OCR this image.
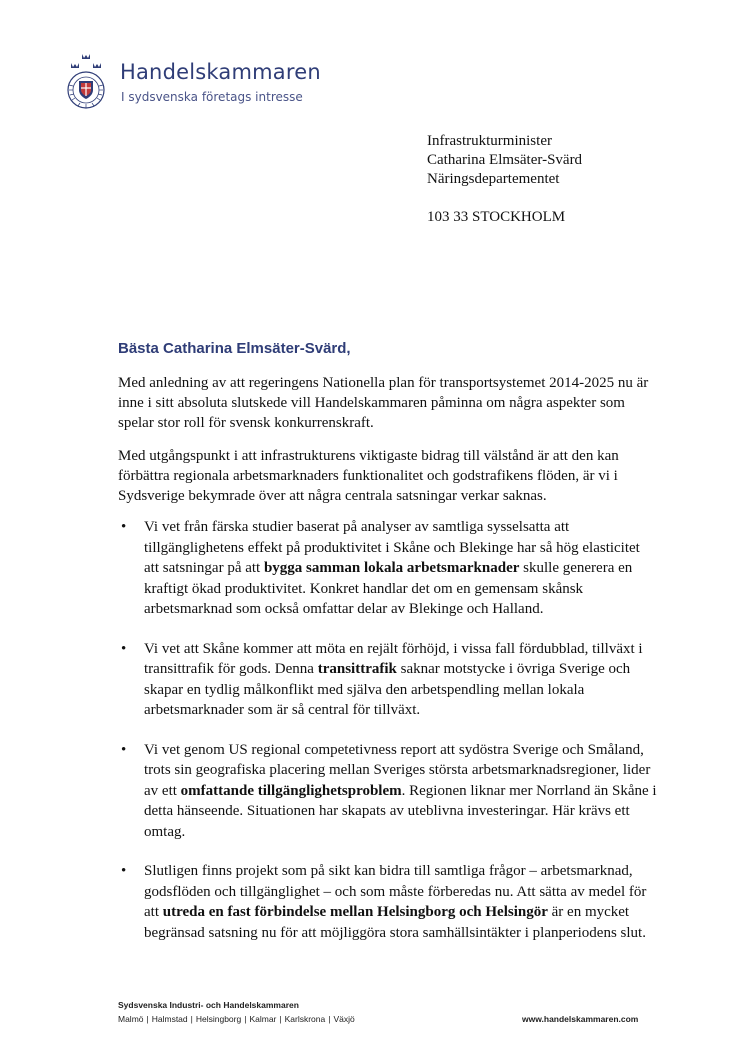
Handelskammaren
I sydsvenska företags intresse
Infrastrukturminister
Catharina Elmsäter-Svärd
Näringsdepartementet
103 33 STOCKHOLM
Bästa Catharina Elmsäter-Svärd,
Med anledning av att regeringens Nationella plan för transportsystemet 2014-2025 nu är inne i sitt absoluta slutskede vill Handelskammaren påminna om några aspekter som spelar stor roll för svensk konkurrenskraft.
Med utgångspunkt i att infrastrukturens viktigaste bidrag till välstånd är att den kan förbättra regionala arbetsmarknaders funktionalitet och godstrafikens flöden, är vi i Sydsverige bekymrade över att några centrala satsningar verkar saknas.
• Vi vet från färska studier baserat på analyser av samtliga sysselsatta att tillgänglighetens effekt på produktivitet i Skåne och Blekinge har så hög elasticitet att satsningar på att bygga samman lokala arbetsmarknader skulle generera en kraftigt ökad produktivitet. Konkret handlar det om en gemensam skånsk arbetsmarknad som också omfattar delar av Blekinge och Halland.
• Vi vet att Skåne kommer att möta en rejält förhöjd, i vissa fall fördubblad, tillväxt i transittrafik för gods. Denna transittrafik saknar motstycke i övriga Sverige och skapar en tydlig målkonflikt med själva den arbetspendling mellan lokala arbetsmarknader som är så central för tillväxt.
• Vi vet genom US regional competetivness report att sydöstra Sverige och Småland, trots sin geografiska placering mellan Sveriges största arbetsmarknadsregioner, lider av ett omfattande tillgänglighetsproblem. Regionen liknar mer Norrland än Skåne i detta hänseende. Situationen har skapats av uteblivna investeringar. Här krävs ett omtag.
• Slutligen finns projekt som på sikt kan bidra till samtliga frågor – arbetsmarknad, godsflöden och tillgänglighet – och som måste förberedas nu. Att sätta av medel för att utreda en fast förbindelse mellan Helsingborg och Helsingör är en mycket begränsad satsning nu för att möjliggöra stora samhällsintäkter i planperiodens slut.
Sydsvenska Industri- och Handelskammaren
Malmö | Halmstad | Helsingborg | Kalmar | Karlskrona | Växjö	www.handelskammaren.com
